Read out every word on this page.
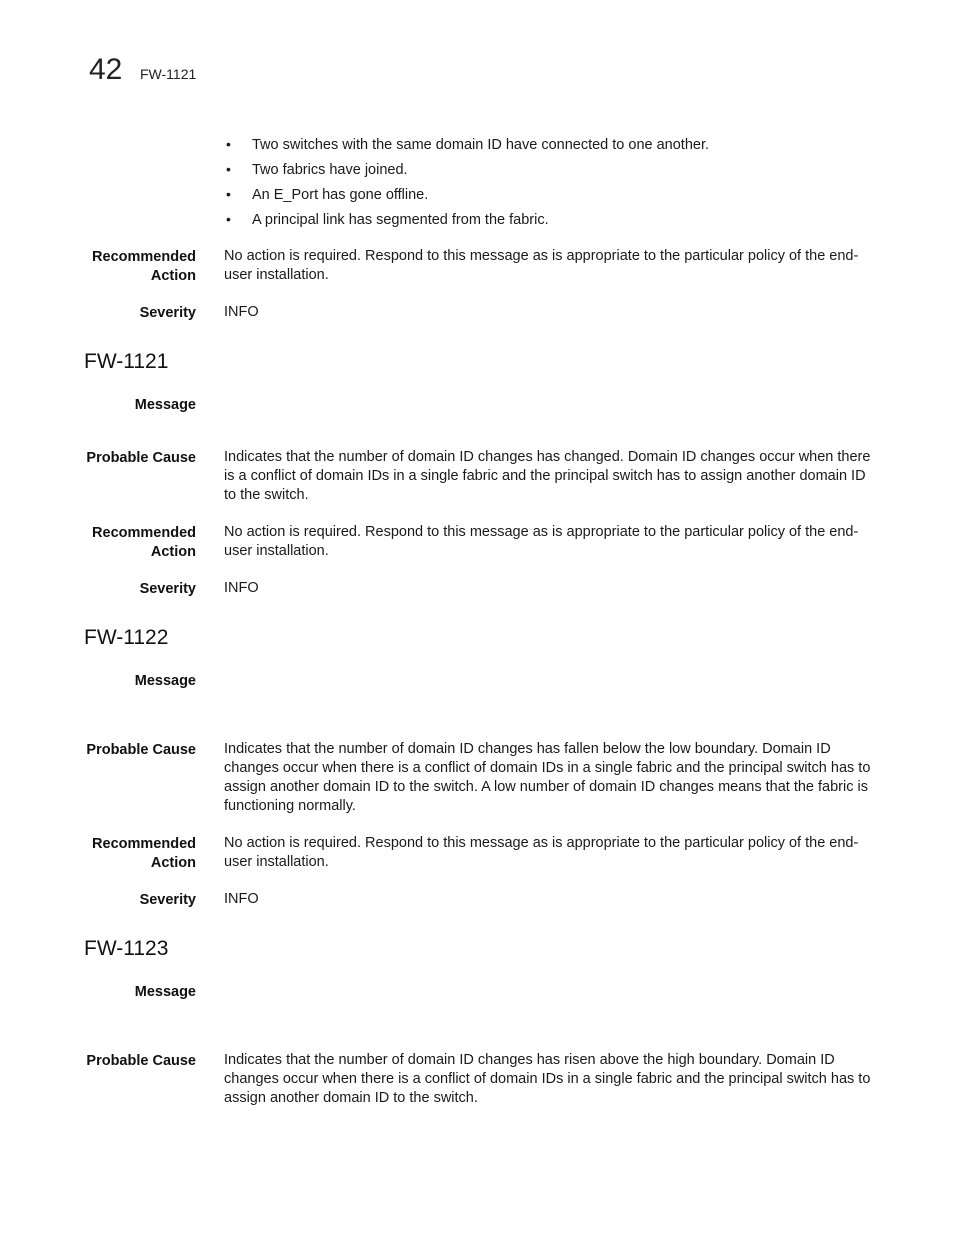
42 FW-1121
• Two switches with the same domain ID have connected to one another.
• Two fabrics have joined.
• An E_Port has gone offline.
• A principal link has segmented from the fabric.
Recommended
Action
No action is required. Respond to this message as is appropriate to the particular policy of the end-user installation.
Severity INFO
FW-1121
Message
Probable Cause Indicates that the number of domain ID changes has changed. Domain ID changes occur when there is a conflict of domain IDs in a single fabric and the principal switch has to assign another domain ID to the switch.
Recommended
Action
No action is required. Respond to this message as is appropriate to the particular policy of the end-user installation.
Severity INFO
FW-1122
Message
Probable Cause Indicates that the number of domain ID changes has fallen below the low boundary. Domain ID changes occur when there is a conflict of domain IDs in a single fabric and the principal switch has to assign another domain ID to the switch. A low number of domain ID changes means that the fabric is functioning normally.
Recommended
Action
No action is required. Respond to this message as is appropriate to the particular policy of the end-user installation.
Severity INFO
FW-1123
Message
Probable Cause Indicates that the number of domain ID changes has risen above the high boundary. Domain ID changes occur when there is a conflict of domain IDs in a single fabric and the principal switch has to assign another domain ID to the switch.
